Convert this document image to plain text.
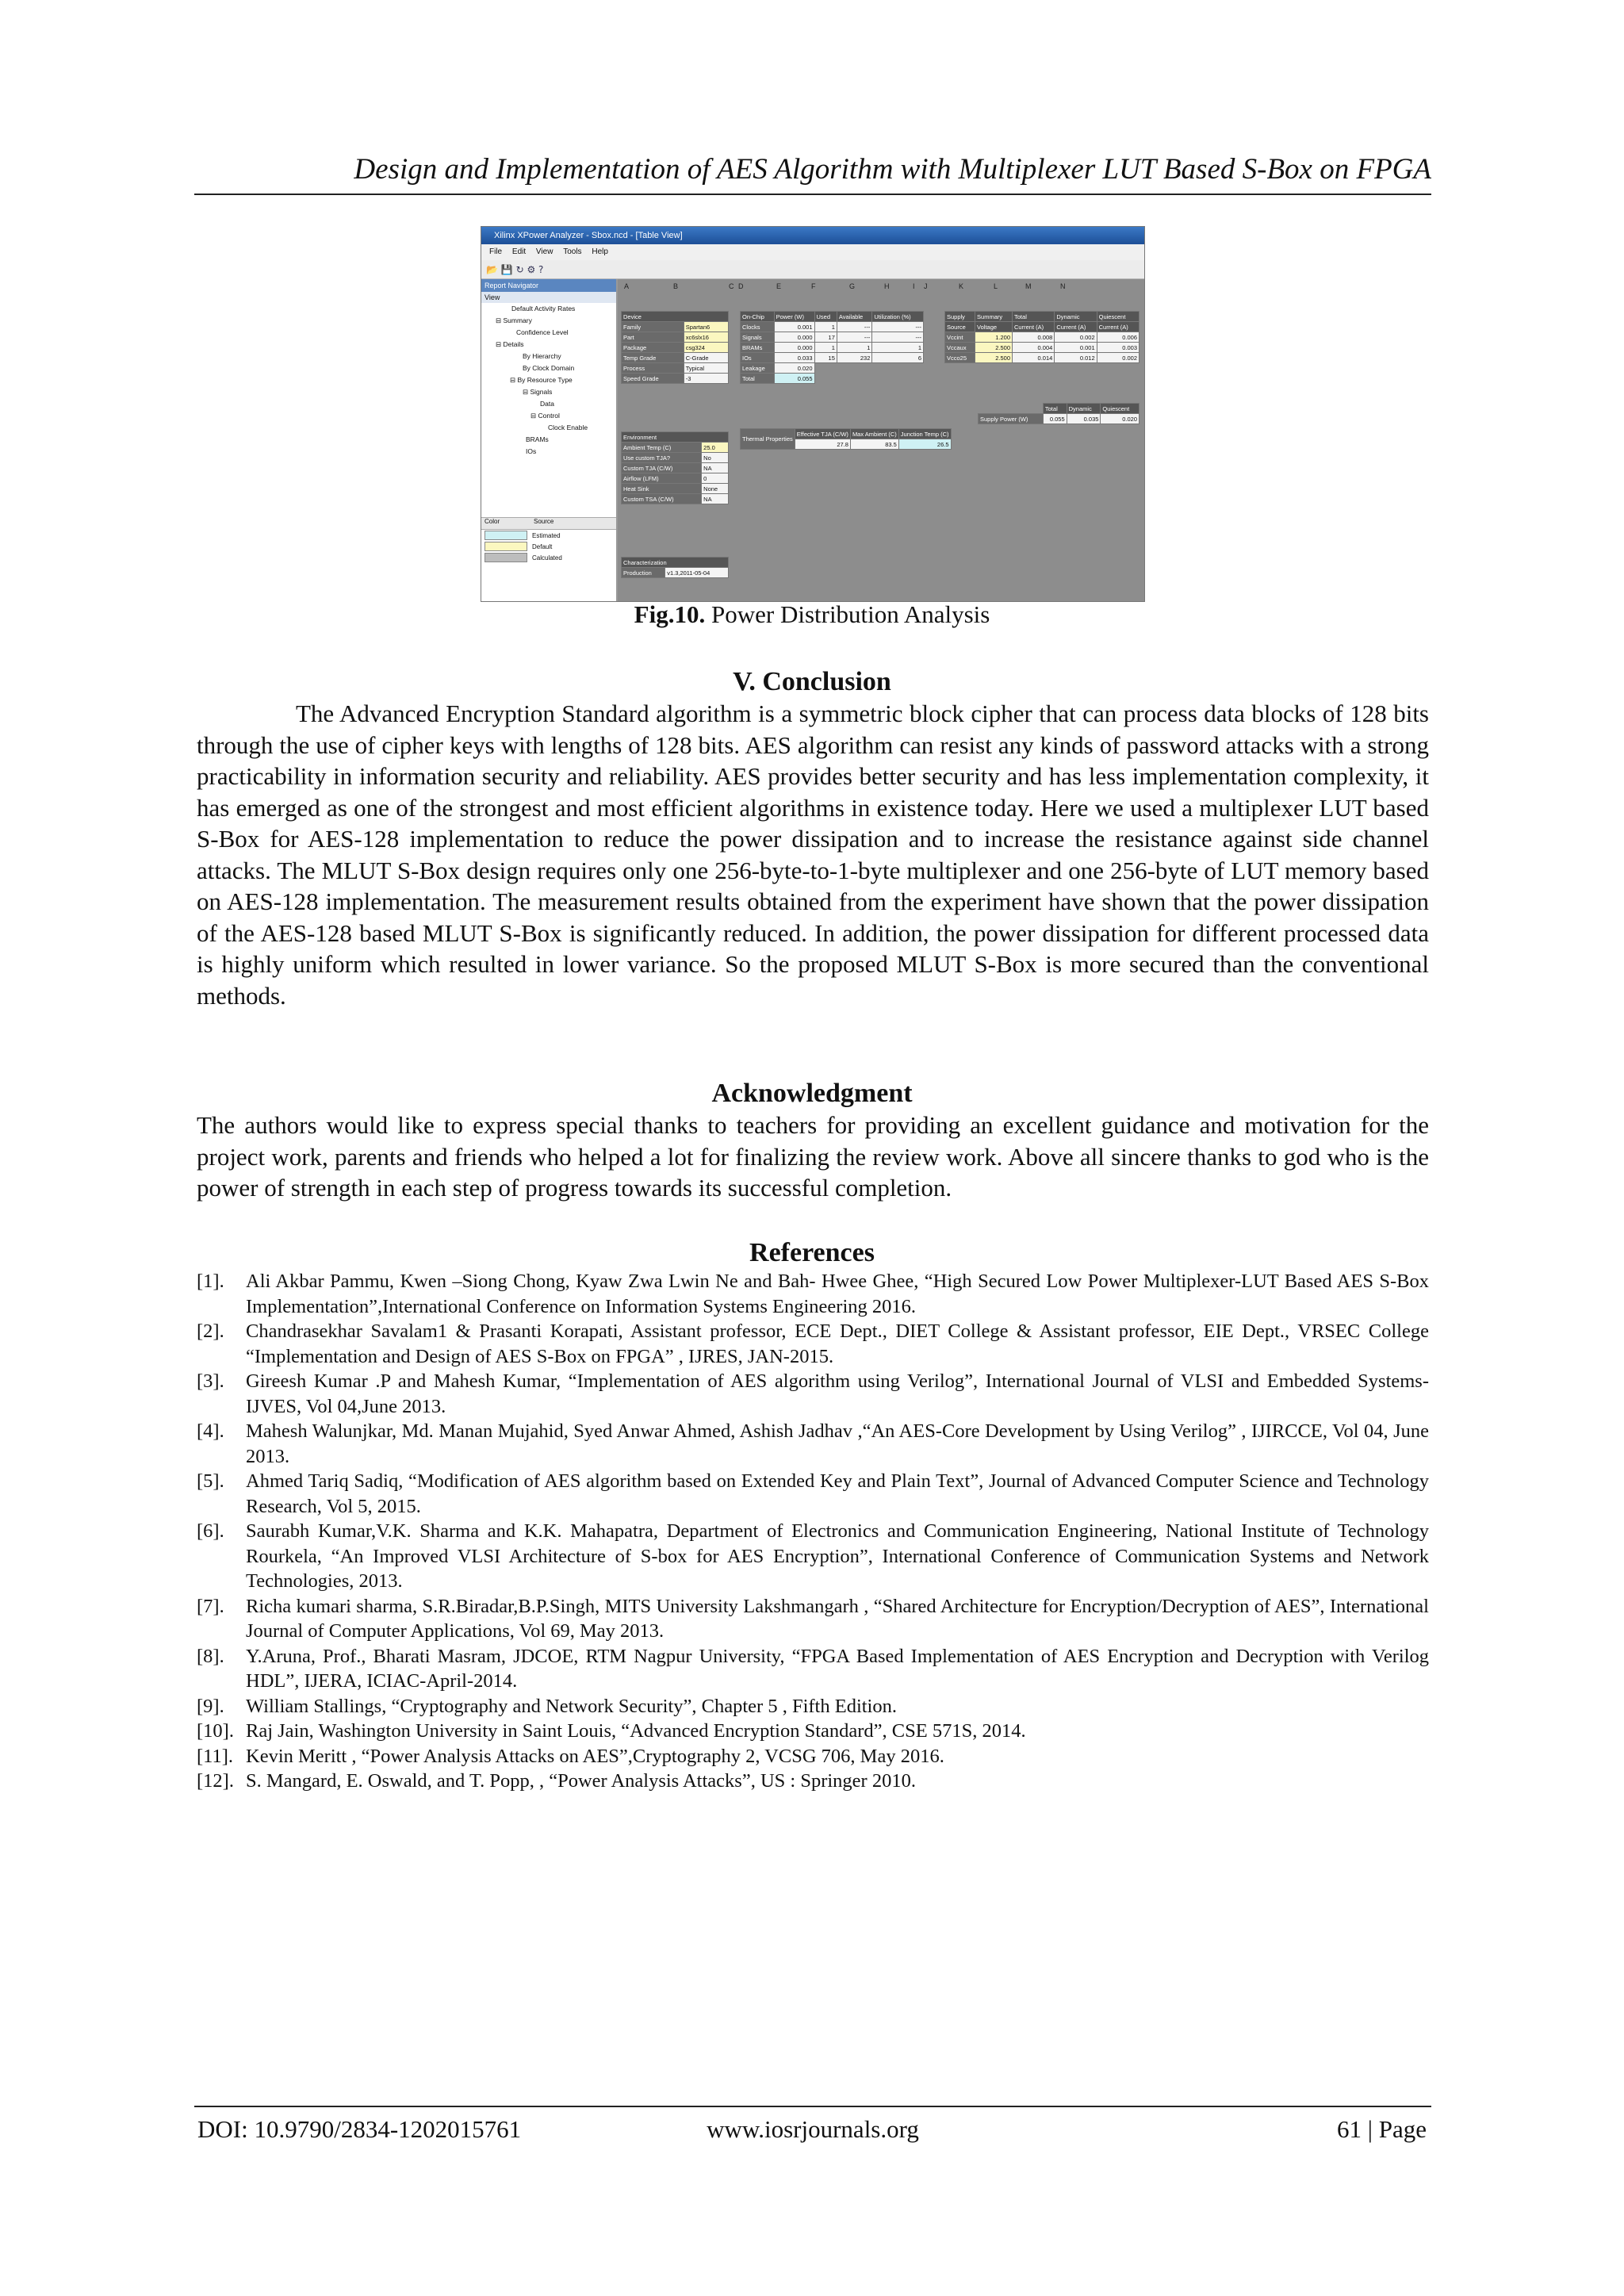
Design and Implementation of AES Algorithm with Multiplexer LUT Based S-Box on FPGA
Xilinx XPower Analyzer - Sbox.ncd - [Table View]
File Edit View Tools Help
📂 💾 ↻ ⚙ ?
Report Navigator
View
Default Activity Rates
⊟ Summary
Confidence Level
⊟ Details
By Hierarchy
By Clock Domain
⊟ By Resource Type
⊟ Signals
Data
⊟ Control
Clock Enable
BRAMs
IOs
Color	Source
Estimated
Default
Calculated
A	B	C D	E	F	G	H	I J	K	L	M	N
Device	
Family	Spartan6
Part	xc6slx16
Package	csg324
Temp Grade	C-Grade
Process	Typical
Speed Grade	-3
On-Chip	Power (W)	Used	Available	Utilization (%)
Clocks	0.001	1	---	---
Signals	0.000	17	---	---
BRAMs	0.000	1	1	1
IOs	0.033	15	232	6
Leakage	0.020			
Total	0.055			
Supply	Summary	Total	Dynamic	Quiescent
Source	Voltage	Current (A)	Current (A)	Current (A)
Vccint	1.200	0.008	0.002	0.006
Vccaux	2.500	0.004	0.001	0.003
Vcco25	2.500	0.014	0.012	0.002
	Total	Dynamic	Quiescent
Supply Power (W)	0.055	0.035	0.020
Environment	
Ambient Temp (C)	25.0
Use custom TJA?	No
Custom TJA (C/W)	NA
Airflow (LFM)	0
Heat Sink	None
Custom TSA (C/W)	NA
Thermal Properties	Effective TJA (C/W)	Max Ambient (C)	Junction Temp (C)
	27.8	83.5	26.5
Characterization
Production	v1.3,2011-05-04
Fig.10. Power Distribution Analysis
V. Conclusion
The Advanced Encryption Standard algorithm is a symmetric block cipher that can process data blocks of 128 bits through the use of cipher keys with lengths of 128 bits. AES algorithm can resist any kinds of password attacks with a strong practicability in information security and reliability. AES provides better security and has less implementation complexity, it has emerged as one of the strongest and most efficient algorithms in existence today. Here we used a multiplexer LUT based S-Box for AES-128 implementation to reduce the power dissipation and to increase the resistance against side channel attacks. The MLUT S-Box design requires only one 256-byte-to-1-byte multiplexer and one 256-byte of LUT memory based on AES-128 implementation. The measurement results obtained from the experiment have shown that the power dissipation of the AES-128 based MLUT S-Box is significantly reduced. In addition, the power dissipation for different processed data is highly uniform which resulted in lower variance. So the proposed MLUT S-Box is more secured than the conventional methods.
Acknowledgment
The authors would like to express special thanks to teachers for providing an excellent guidance and motivation for the project work, parents and friends who helped a lot for finalizing the review work. Above all sincere thanks to god who is the power of strength in each step of progress towards its successful completion.
References
[1].	Ali Akbar Pammu, Kwen –Siong Chong, Kyaw Zwa Lwin Ne and Bah- Hwee Ghee, “High Secured Low Power Multiplexer-LUT Based AES S-Box Implementation”,International Conference on Information Systems Engineering 2016.
[2].	Chandrasekhar Savalam1 & Prasanti Korapati, Assistant professor, ECE Dept., DIET College & Assistant professor, EIE Dept., VRSEC College “Implementation and Design of AES S-Box on FPGA” , IJRES, JAN-2015.
[3].	Gireesh Kumar .P and Mahesh Kumar, “Implementation of AES algorithm using Verilog”, International Journal of VLSI and Embedded Systems-IJVES, Vol 04,June 2013.
[4].	Mahesh Walunjkar, Md. Manan Mujahid, Syed Anwar Ahmed, Ashish Jadhav ,“An AES-Core Development by Using Verilog” , IJIRCCE, Vol 04, June 2013.
[5].	Ahmed Tariq Sadiq, “Modification of AES algorithm based on Extended Key and Plain Text”, Journal of Advanced Computer Science and Technology Research, Vol 5, 2015.
[6].	Saurabh Kumar,V.K. Sharma and K.K. Mahapatra, Department of Electronics and Communication Engineering, National Institute of Technology Rourkela, “An Improved VLSI Architecture of S-box for AES Encryption”, International Conference of Communication Systems and Network Technologies, 2013.
[7].	Richa kumari sharma, S.R.Biradar,B.P.Singh, MITS University Lakshmangarh , “Shared Architecture for Encryption/Decryption of AES”, International Journal of Computer Applications, Vol 69, May 2013.
[8].	Y.Aruna, Prof., Bharati Masram, JDCOE, RTM Nagpur University, “FPGA Based Implementation of AES Encryption and Decryption with Verilog HDL”, IJERA, ICIAC-April-2014.
[9].	William Stallings, “Cryptography and Network Security”, Chapter 5 , Fifth Edition.
[10]. Raj Jain, Washington University in Saint Louis, “Advanced Encryption Standard”, CSE 571S, 2014.
[11]. Kevin Meritt , “Power Analysis Attacks on AES”,Cryptography 2, VCSG 706, May 2016.
[12]. S. Mangard, E. Oswald, and T. Popp, , “Power Analysis Attacks”, US : Springer 2010.
DOI: 10.9790/2834-1202015761	www.iosrjournals.org	61 | Page
